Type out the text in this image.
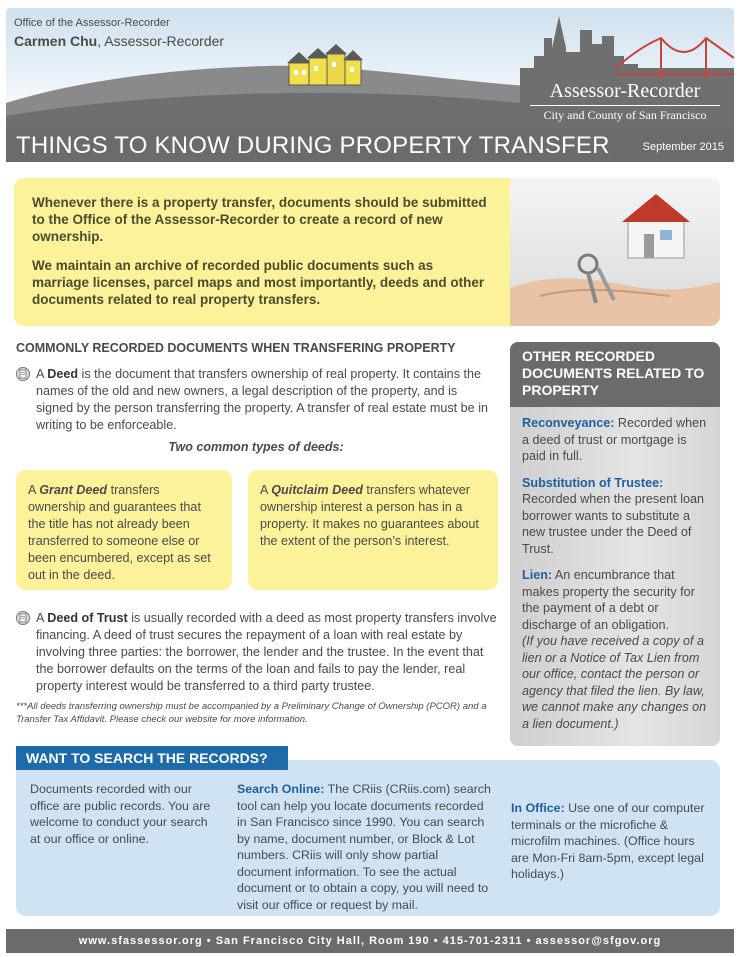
Office of the Assessor-Recorder
Carmen Chu, Assessor-Recorder
Assessor-Recorder
City and County of San Francisco
THINGS TO KNOW DURING PROPERTY TRANSFER	September 2015

Whenever there is a property transfer, documents should be submitted to the Office of the Assessor-Recorder to create a record of new ownership.

We maintain an archive of recorded public documents such as marriage licenses, parcel maps and most importantly, deeds and other documents related to real property transfers.

COMMONLY RECORDED DOCUMENTS WHEN TRANSFERING PROPERTY
A Deed is the document that transfers ownership of real property. It contains the names of the old and new owners, a legal description of the property, and is signed by the person transferring the property. A transfer of real estate must be in writing to be enforceable.
Two common types of deeds:
A Grant Deed transfers ownership and guarantees that the title has not already been transferred to someone else or been encumbered, except as set out in the deed.
A Quitclaim Deed transfers whatever ownership interest a person has in a property. It makes no guarantees about the extent of the person’s interest.
A Deed of Trust is usually recorded with a deed as most property transfers involve financing. A deed of trust secures the repayment of a loan with real estate by involving three parties: the borrower, the lender and the trustee. In the event that the borrower defaults on the terms of the loan and fails to pay the lender, real property interest would be transferred to a third party trustee.
***All deeds transferring ownership must be accompanied by a Preliminary Change of Ownership (PCOR) and a Transfer Tax Affidavit. Please check our website for more information.
OTHER RECORDED DOCUMENTS RELATED TO PROPERTY
Reconveyance: Recorded when a deed of trust or mortgage is paid in full.
Substitution of Trustee:
Recorded when the present loan borrower wants to substitute a new trustee under the Deed of Trust.
Lien: An encumbrance that makes property the security for the payment of a debt or discharge of an obligation.
(If you have received a copy of a lien or a Notice of Tax Lien from our office, contact the person or agency that filed the lien. By law, we cannot make any changes on a lien document.)
WANT TO SEARCH THE RECORDS?
Documents recorded with our office are public records. You are welcome to conduct your search at our office or online.
Search Online: The CRiis (CRiis.com) search tool can help you locate documents recorded in San Francisco since 1990. You can search by name, document number, or Block & Lot numbers. CRiis will only show partial document information. To see the actual document or to obtain a copy, you will need to visit our office or request by mail.
In Office: Use one of our computer terminals or the microfiche & microfilm machines. (Office hours are Mon-Fri 8am-5pm, except legal holidays.)
www.sfassessor.org • San Francisco City Hall, Room 190 • 415-701-2311 • assessor@sfgov.org
